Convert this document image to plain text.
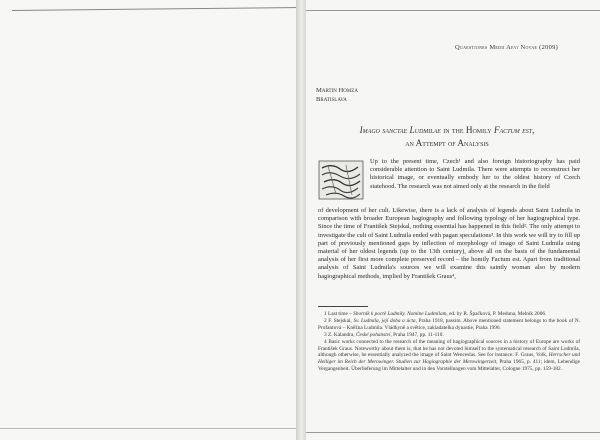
Quaestiones Medii Aevi Novae (2009)
Martin Homza
Bratislava
Imago sanctae Ludmilae in the Homily Factum est,
an Attempt of Analysis
Up to the present time, Czech¹ and also foreign historiography has paid considerable attention to Saint Ludmila. There were attempts to reconstruct her historical image, or eventually embody her to the oldest history of Czech statehood. The research was not aimed only at the research in the field
of development of her cult. Likewise, there is a lack of analysis of legends about Saint Ludmila in comparison with broader European hagiography and following typology of her hagiographical type. Since the time of František Stejskal, nothing essential has happened in this field². The only attempt to investigate the cult of Saint Ludmila ended with pagan speculations³. In this work we will try to fill up part of previously mentioned gaps by inflection of morphology of imago of Saint Ludmila using material of her oldest legends (up to the 13th century), above all on the basis of the fundamental analysis of her first more complete preserved record – the homily Factum est. Apart from traditional analysis of Saint Ludmila's sources we will examine this saintly woman also by modern hagiographical methods, implied by František Graus⁴,

1 Last time – Sborník k poctě Ludmily. Nomine Ludmilam, ed. by R. Špačková, P. Meduna, Melník 2006.

2 F. Stejskal, Sv. Ludmila, její doba a úcta, Praha 1918, passim. Above mentioned statement belongs to the book of N. Profantová – Kněžna Ludmila. Vládkyně a světice, zakladatelka dynastie, Praha 1996.

3 Z. Kalandra, České pohanství, Praha 1947, pp. 11-110.

4 Basic works connected to the research of the meaning of hagiographical sources in a history of Europe are works of František Graus. Noteworthy about them is, that he has not devoted himself to the systematical research of Saint Ludmila, although otherwise, he essentially analyzed the image of Saint Wenceslas. See for instance: F. Graus, Volk, Herrscher und Heiliger im Reich der Merowinger. Studien zur Hagiographie der Merowingerzeit, Praha 1965, p. 411; idem, Lebendige Vergangenheit. Überlieferung im Mittelalter und in den Vorstellungen vom Mittelalter, Cologne 1975, pp. 159-182.
